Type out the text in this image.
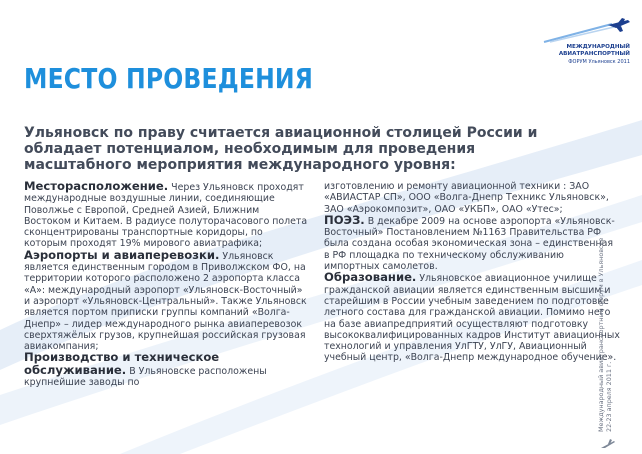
МЕЖДУНАРОДНЫЙ
АВИАТРАНСПОРТНЫЙ
ФОРУМ Ульяновск 2011
МЕСТО ПРОВЕДЕНИЯ
Ульяновск по праву считается авиационной столицей России и обладает потенциалом, необходимым для проведения масштабного мероприятия международного уровня:

Месторасположение. Через Ульяновск проходят международные воздушные линии, соединяющие Поволжье с Европой, Средней Азией, Ближним Востоком и Китаем. В радиусе полуторачасового полета сконцентрированы транспортные коридоры, по которым проходят 19% мирового авиатрафика;

Аэропорты и авиаперевозки. Ульяновск является единственным городом в Приволжском ФО, на территории которого расположено 2 аэропорта класса «А»: международный аэропорт «Ульяновск-Восточный» и аэропорт «Ульяновск-Центральный». Также Ульяновск является портом приписки группы компаний «Волга-Днепр» – лидер международного рынка авиаперевозок сверхтяжёлых грузов, крупнейшая российская грузовая авиакомпания;

Производство и техническое обслуживание. В Ульяновске расположены крупнейшие заводы по

изготовлению и ремонту авиационной техники : ЗАО «АВИАСТАР СП», ООО «Волга-Днепр Техникс Ульяновск», ЗАО «Аэрокомпозит», ОАО «УКБП», ОАО «Утес»;

ПОЭЗ. В декабре 2009 на основе аэропорта «Ульяновск-Восточный» Постановлением №1163 Правительства РФ была создана особая экономическая зона – единственная в РФ площадка по техническому обслуживанию импортных самолетов.

Образование. Ульяновское авиационное училище гражданской авиации является единственным высшим и старейшим в России учебным заведением по подготовке летного состава для гражданской авиации. Помимо него на базе авиапредприятий осуществляют подготовку высококвалифицированных кадров Институт авиационных технологий и управления УлГТУ, УлГУ, Авиационный учебный центр, «Волга-Днепр международное обучение».

Международный авиатранспортный форум в Ульяновске 22-23 апреля 2011 г.
